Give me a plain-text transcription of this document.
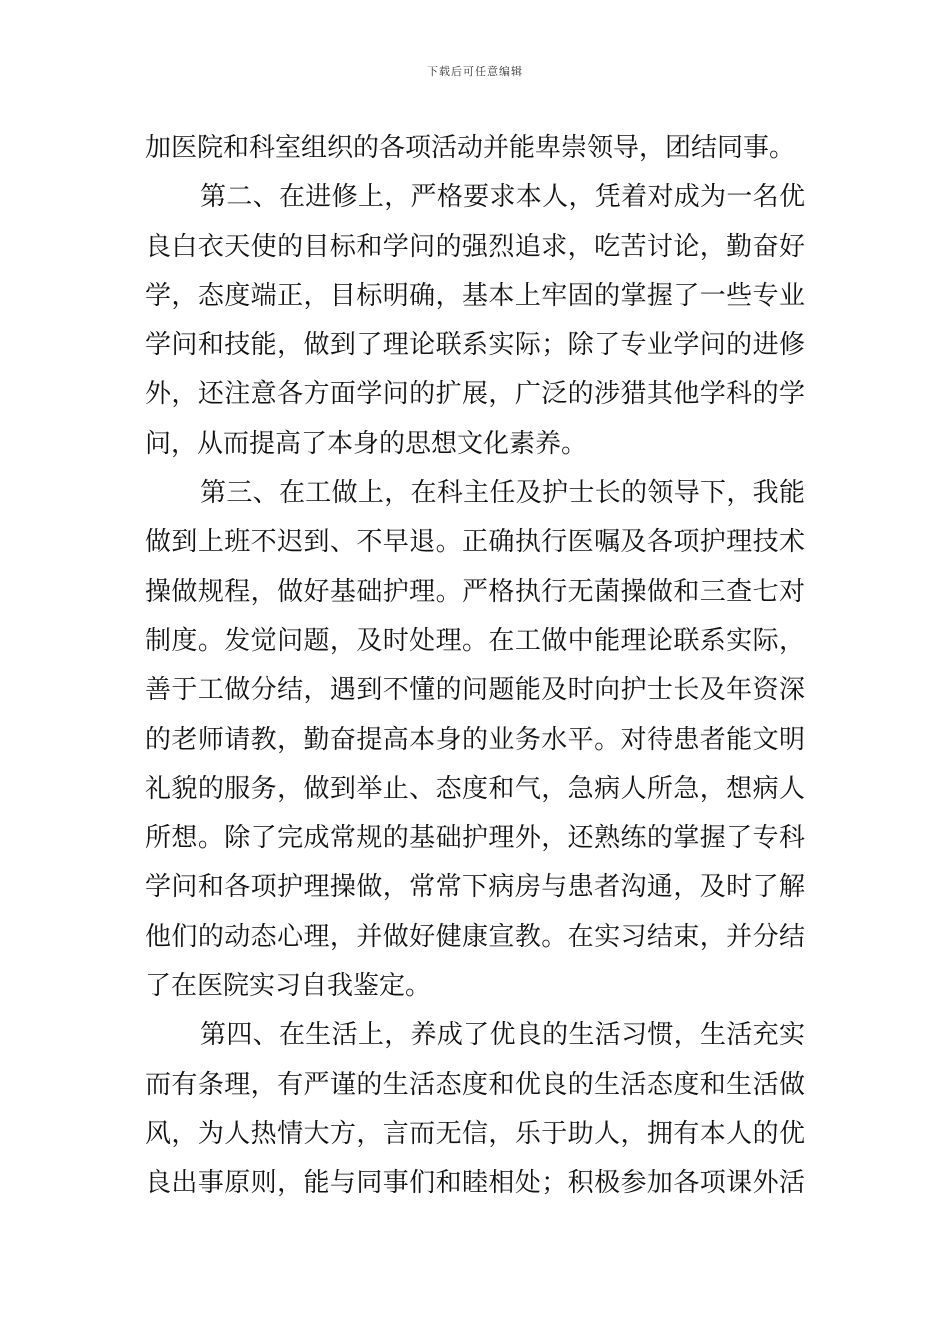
下载后可任意编辑
加医院和科室组织的各项活动并能卑崇领导，团结同事。
第二、在进修上，严格要求本人，凭着对成为一名优
良白衣天使的目标和学问的强烈追求，吃苦讨论，勤奋好
学，态度端正，目标明确，基本上牢固的掌握了一些专业
学问和技能，做到了理论联系实际；除了专业学问的进修
外，还注意各方面学问的扩展，广泛的涉猎其他学科的学
问，从而提高了本身的思想文化素养。
第三、在工做上，在科主任及护士长的领导下，我能
做到上班不迟到、不早退。正确执行医嘱及各项护理技术
操做规程，做好基础护理。严格执行无菌操做和三查七对
制度。发觉问题，及时处理。在工做中能理论联系实际，
善于工做分结，遇到不懂的问题能及时向护士长及年资深
的老师请教，勤奋提高本身的业务水平。对待患者能文明
礼貌的服务，做到举止、态度和气，急病人所急，想病人
所想。除了完成常规的基础护理外，还熟练的掌握了专科
学问和各项护理操做，常常下病房与患者沟通，及时了解
他们的动态心理，并做好健康宣教。在实习结束，并分结
了在医院实习自我鉴定。
第四、在生活上，养成了优良的生活习惯，生活充实
而有条理，有严谨的生活态度和优良的生活态度和生活做
风，为人热情大方，言而无信，乐于助人，拥有本人的优
良出事原则，能与同事们和睦相处；积极参加各项课外活
